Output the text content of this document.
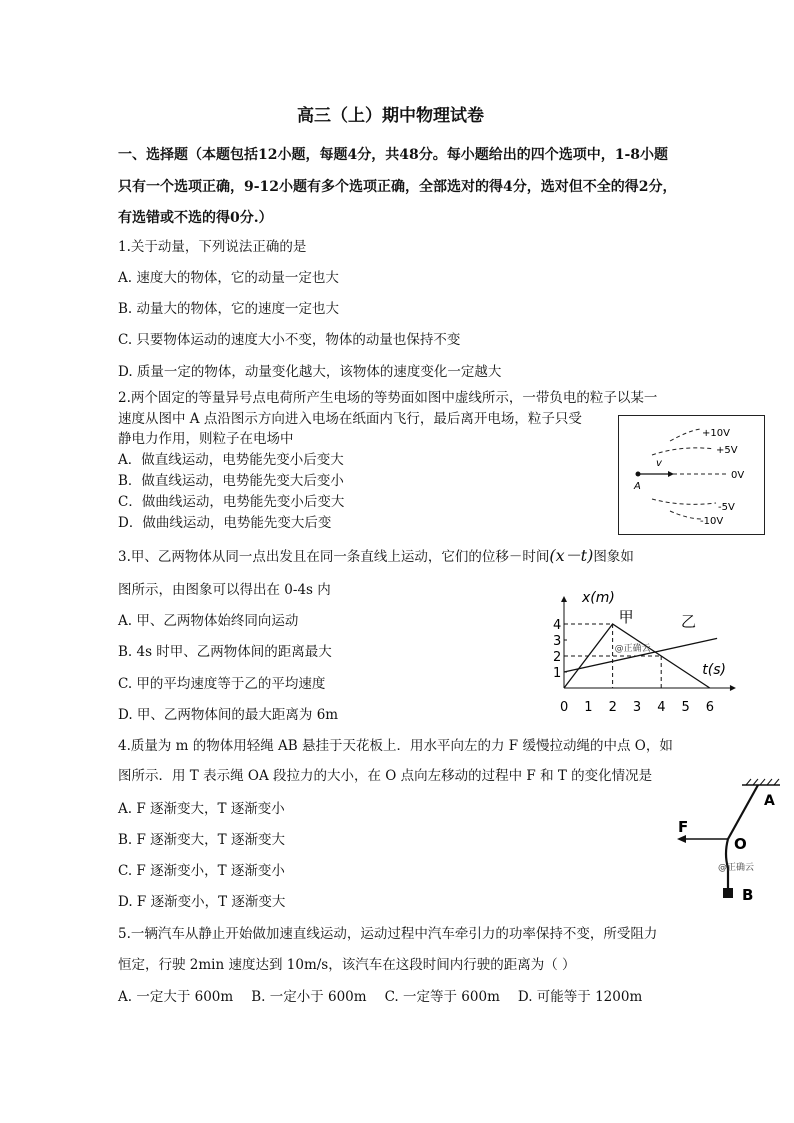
高三（上）期中物理试卷
一、选择题（本题包括12小题，每题4分，共48分。每小题给出的四个选项中，1-8小题
只有一个选项正确，9-12小题有多个选项正确，全部选对的得4分，选对但不全的得2分，
有选错或不选的得0分.）
1.关于动量，下列说法正确的是
A. 速度大的物体，它的动量一定也大
B. 动量大的物体，它的速度一定也大
C. 只要物体运动的速度大小不变，物体的动量也保持不变
D. 质量一定的物体，动量变化越大，该物体的速度变化一定越大
2.两个固定的等量异号点电荷所产生电场的等势面如图中虚线所示，一带负电的粒子以某一
速度从图中 A 点沿图示方向进入电场在纸面内飞行，最后离开电场，粒子只受
静电力作用，则粒子在电场中
A．做直线运动，电势能先变小后变大
B．做直线运动，电势能先变大后变小
C．做曲线运动，电势能先变小后变大
D．做曲线运动，电势能先变大后变
v
A
+10V
+5V
0V
-5V
-10V
3.甲、乙两物体从同一点出发且在同一条直线上运动，它们的位移－时间(x－t)图象如
图所示，由图象可以得出在 0-4s 内
A. 甲、乙两物体始终同向运动
B. 4s 时甲、乙两物体间的距离最大
C. 甲的平均速度等于乙的平均速度
D. 甲、乙两物体间的最大距离为 6m	0 1 2 3 4 5 6
1
2
3
4
x(m)
t(s)
甲	乙
@正确云
4.质量为 m 的物体用轻绳 AB 悬挂于天花板上．用水平向左的力 F 缓慢拉动绳的中点 O，如
图所示．用 T 表示绳 OA 段拉力的大小，在 O 点向左移动的过程中 F 和 T 的变化情况是
A. F 逐渐变大，T 逐渐变小
B. F 逐渐变大，T 逐渐变大
C. F 逐渐变小，T 逐渐变小
D. F 逐渐变小，T 逐渐变大
F
O
A
B
@正确云
5.一辆汽车从静止开始做加速直线运动，运动过程中汽车牵引力的功率保持不变，所受阻力
恒定，行驶 2min 速度达到 10m/s，该汽车在这段时间内行驶的距离为（ ）
A. 一定大于 600m B. 一定小于 600m C. 一定等于 600m D. 可能等于 1200m
